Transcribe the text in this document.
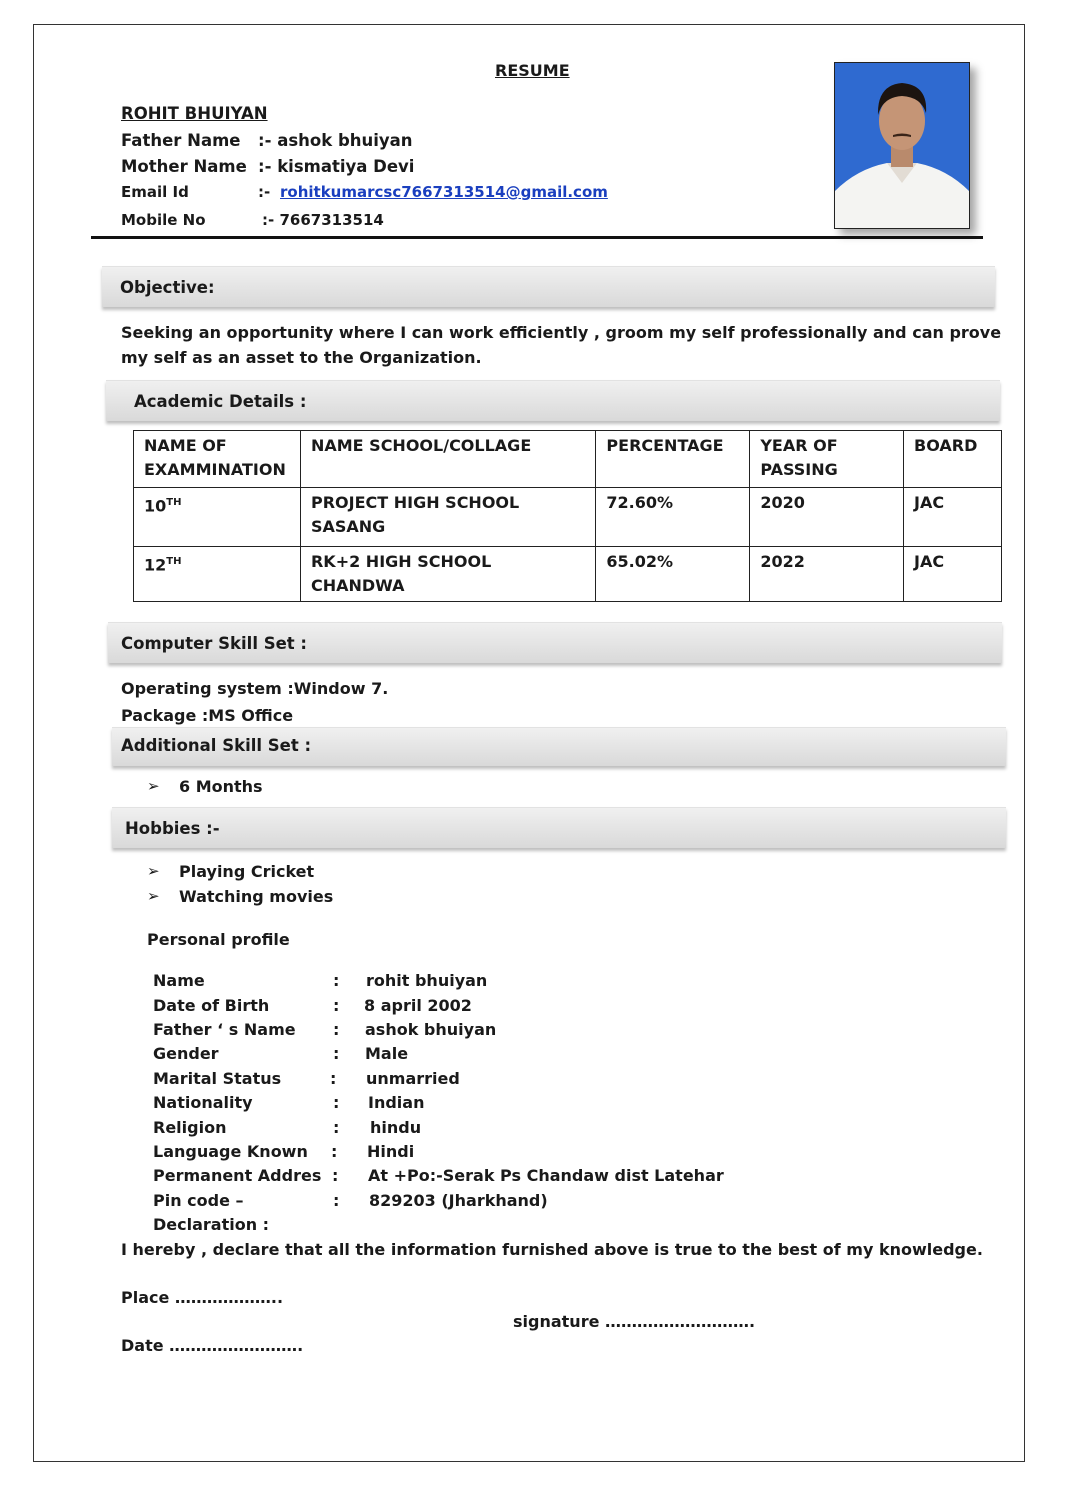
RESUME
ROHIT BHUIYAN
Father Name :- ashok bhuiyan
Mother Name :- kismatiya Devi
Email Id	:- rohitkumarcsc7667313514@gmail.com
Mobile No	:- 7667313514
Objective:
Seeking an opportunity where I can work efficiently , groom my self professionally and can prove
my self as an asset to the Organization.
Academic Details :
NAME OF EXAMMINATION	NAME SCHOOL/COLLAGE	PERCENTAGE	YEAR OF PASSING	BOARD
10TH	PROJECT HIGH SCHOOL SASANG	72.60%	2020	JAC
12TH	RK+2 HIGH SCHOOL CHANDWA	65.02%	2022	JAC
Computer Skill Set :
Operating system :Window 7.
Package :MS Office
Additional Skill Set :
➢ 6 Months
Hobbies :-
➢ Playing Cricket
➢ Watching movies
Personal profile
Name	: rohit bhuiyan
Date of Birth	: 8 april 2002
Father ‘ s Name : ashok bhuiyan
Gender	: Male
Marital Status	: unmarried
Nationality	: Indian
Religion	: hindu
Language Known : Hindi
Permanent Addres : At +Po:-Serak Ps Chandaw dist Latehar
Pin code –	: 829203 (Jharkhand)
Declaration :
I hereby , declare that all the information furnished above is true to the best of my knowledge.
Place ………………..
signature ……………………….
Date …………………….
